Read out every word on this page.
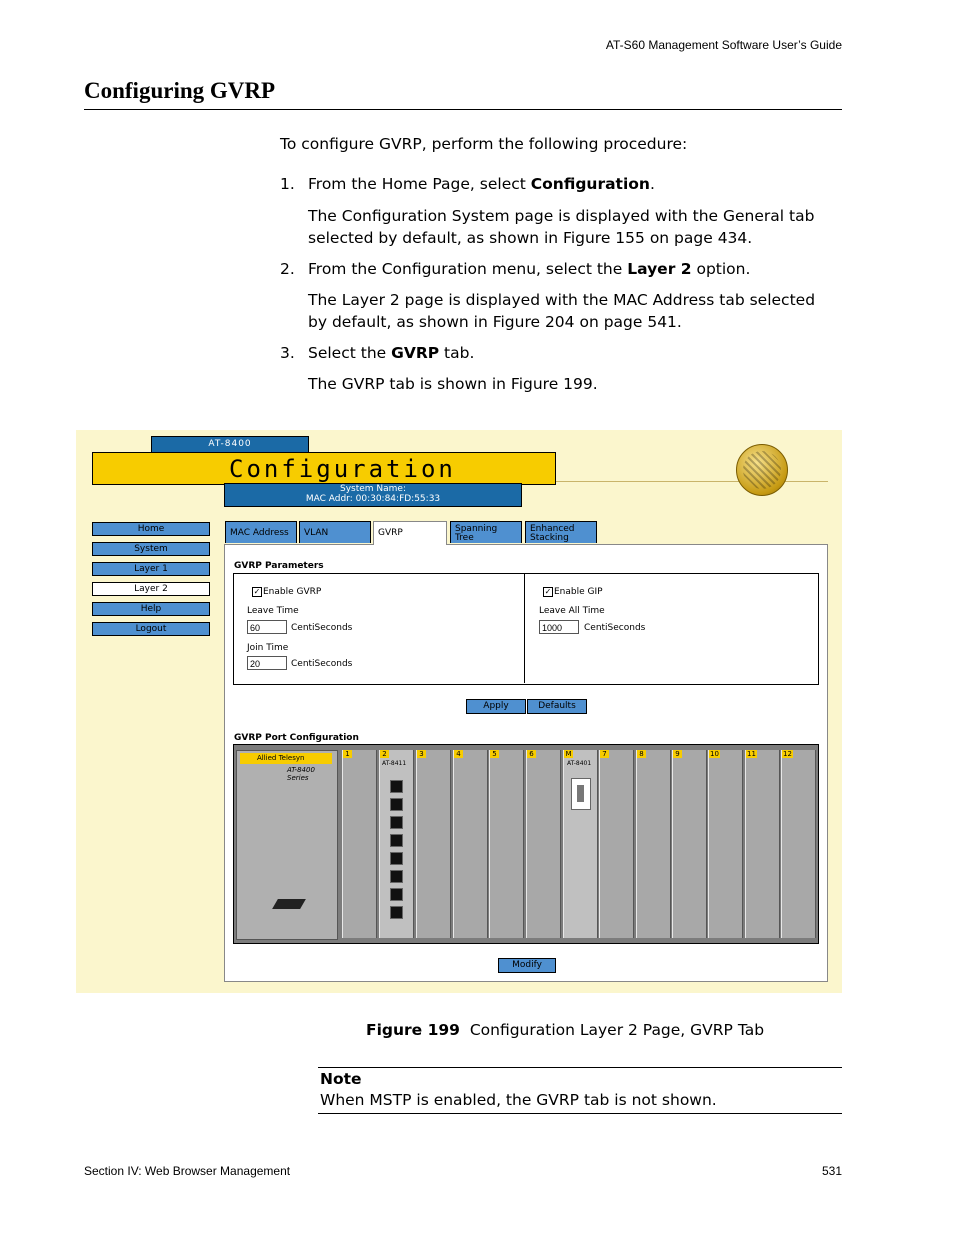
AT-S60 Management Software User’s Guide
Configuring GVRP
To configure GVRP, perform the following procedure:
1. From the Home Page, select Configuration.
The Configuration System page is displayed with the General tab selected by default, as shown in Figure 155 on page 434.
2. From the Configuration menu, select the Layer 2 option.
The Layer 2 page is displayed with the MAC Address tab selected by default, as shown in Figure 204 on page 541.
3. Select the GVRP tab.
The GVRP tab is shown in Figure 199.
AT-8400
Configuration
System Name:
MAC Addr: 00:30:84:FD:55:33
Home
System
Layer 1
Layer 2
Help
Logout
MAC Address	VLAN	GVRP	Spanning
Tree
Enhanced
Stacking
GVRP Parameters
✓ Enable GVRP
Leave Time
60	CentiSeconds
Join Time
20	CentiSeconds
✓ Enable GIP
Leave All Time
1000	CentiSeconds
Apply	Defaults
GVRP Port Configuration
Allied Telesyn
AT-8400 Series
AT-8411	AT-8401
1	2	3	4	5	6	M	7	8	9	10	11	12
Modify
Figure 199 Configuration Layer 2 Page, GVRP Tab
Note
When MSTP is enabled, the GVRP tab is not shown.
Section IV: Web Browser Management	531
